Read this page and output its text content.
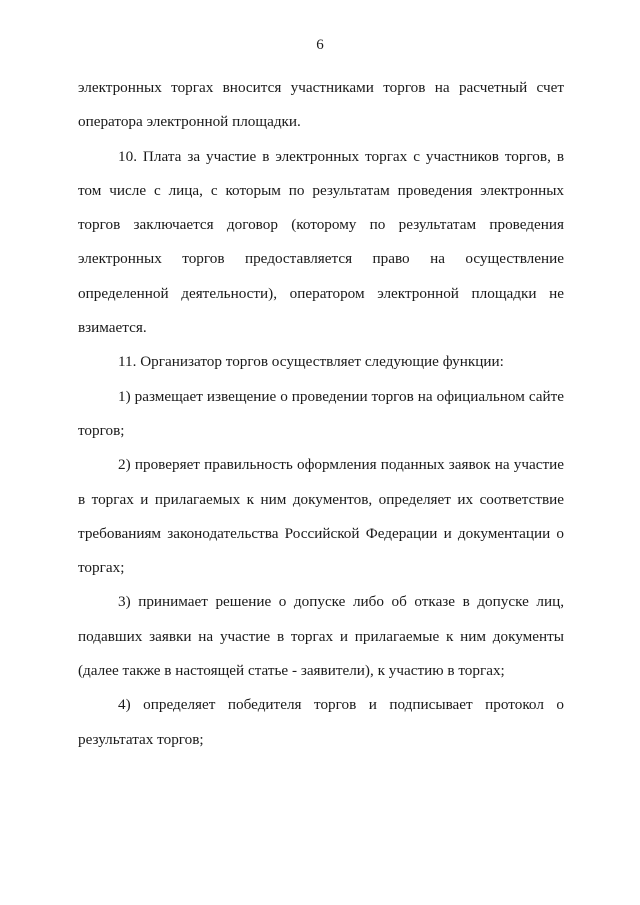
6

электронных торгах вносится участниками торгов на расчетный счет оператора электронной площадки.

10. Плата за участие в электронных торгах с участников торгов, в том числе с лица, с которым по результатам проведения электронных торгов заключается договор (которому по результатам проведения электронных торгов предоставляется право на осуществление определенной деятельности), оператором электронной площадки не взимается.

11. Организатор торгов осуществляет следующие функции:

1) размещает извещение о проведении торгов на официальном сайте торгов;

2) проверяет правильность оформления поданных заявок на участие в торгах и прилагаемых к ним документов, определяет их соответствие требованиям законодательства Российской Федерации и документации о торгах;

3) принимает решение о допуске либо об отказе в допуске лиц, подавших заявки на участие в торгах и прилагаемые к ним документы (далее также в настоящей статье - заявители), к участию в торгах;

4) определяет победителя торгов и подписывает протокол о результатах торгов;
